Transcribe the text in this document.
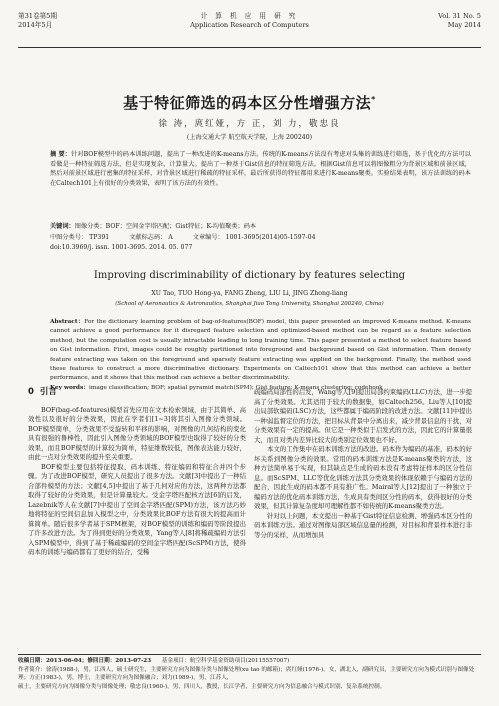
第31卷第5期
2014年5月
计 算 机 应 用 研 究
Application Research of Computers
Vol. 31 No. 5
May 2014
基于特征筛选的码本区分性增强方法*
徐 涛，庹红娅，方 正，刘 力，敬忠良
(上海交通大学 航空航天学院，上海 200240)
摘 要：针对BOF模型中的码本训练问题，提出了一种改进的K-means方法。传统的K-means方法没有考虑对头集的训练进行筛选，基于优化的方法可以看做是一种特征筛选方法，但是实现复杂，计算量大。提出了一种基于Gist信息的特征筛选方法。根据Gist信息可以将图像粗分为背景区域和前景区域，然后对前景区域进行密集的特征采样，对背景区域进行稀疏的特征采样，最后所获得的特征都用来进行K-means聚类。实验结果表明，该方法训练的码本在Caltech101上有很好的分类效果，表明了该方法的有效性。
关键词：图像分类；BOF；空间金字塔匹配；Gist特征；K-均值聚类；码本
中图分类号： TP391	文献标志码： A	文章编号： 1001-3695(2014)05-1597-04
doi:10.3969/j. issn. 1001-3695. 2014. 05. 077
Improving discriminability of dictionary by features selecting
XU Tao, TUO Hong-ya, FANG Zheng, LIU Li, JING Zhong-liang
(School of Aeronautics & Astronautics, Shanghai Jiao Tong University, Shanghai 200240, China)
Abstract：For the dictionary learning problem of bag-of-features(BOF) model, this paper presented an improved K-means method. K-means cannot achieve a good performance for it disregard feature selection and optimized-based method can be regard as a feature selection method, but the computation cost is usually intractable leading to long training time. This paper presented a method to select feature based on Gist information. First, images could be roughly partitioned into foreground and background based on Gist information. Then densely feature extracting was taken on the foreground and sparsely feature extracting was applied on the background. Finally, the method used these features to construct a more discriminative dictionary. Experiments on Caltech101 show that this method can achieve a better performance, and it shows that this method can achieve a better discriminability.
Key words：image classification; BOF; spatial pyramid match(SPM); Gist feature; K-means clustering; codebook
0 引言

BOF(bag-of-features)模型首先应用在文本检索领域，由于其简单、高效性以及很好的分类效果，因此在学者们[1~3]将其引入图像分类领域。BOF模型简单，分类效果不受旋转和平移的影响，对图像的几何结构的变化具有很强的鲁棒性，因此引入图像分类领域的BOF模型也取得了较好的分类效果，而且BOF模型的计算较为简单，特征维数较低，图像表达能力较好，由此一点对分类效果的提升至关重要。

BOF模型主要包括特征提取、码本训练、特征编码和特征合并四个步骤。为了改进BOF模型，研究人员提出了很多方法。文献[3]中提出了一种结合部件模型的方法；文献[4,5]中提出了基于几何对应的方法，这两种方法都取得了较好的分类效果，但是计算量较大。受金字塔匹配核方法[6]的启发，Lazebnik等人在文献[7]中提出了空间金字塔匹配(SPM)方法，该方法巧妙地将特征的空间信息加入模型之中，分类效果比BOF方法有很大的提高而计算简单。随后很多学者基于SPM框架，对BOF模型的训练和编码等阶段提出了许多改进方法。为了得到更好的分类效果，Yang等人[8]将稀疏编码方法引入SPM模型中，得到了基于稀疏编码的空间金字塔匹配(ScSPM)方法，使得码本的训练与编码都有了更好的结合，受稀

疏编码局部性的启发，Wang等人[9]提出局部约束编码(LLC)方法，进一步提高了分类效果。尤其适用于较大的数据集，如Caltech256。Liu等人[10]提出局部软编码(LSC)方法，这些都属于编码阶段的改进方法。文献[11]中提出一种弱监督定位的方法，把目标从背景中分离出来，减少背景信息的干扰，对分类效果有一定的提高。但它是一种类似于启发式的方法，因此它的计算量很大，而且对类内差异比较大的类别定位效果也不好。

本文的工作集中在码本训练方法的改进。码本作为编码的基准，码本的好坏关系到图像分类的效果。常用的码本训练方法是K-means聚类的方法，这种方法简单易于实现，但其缺点是生成的码本没有考虑特征样本的区分性信息。而ScSPM、LLC等优化训练方法其分类效果的体现依赖于与编码方法的配合，因此生成的码本都不具有推广性。Mairal等人[12]提出了一种独立于编码方法的优化码本训练方法，生成具有类间区分性的码本，获得很好的分类效果，但其计算复杂度却可理解性都不如传统的K-means聚类方法。

针对以上问题，本文提出一种基于Gist特征信息检测、增强码本区分性的码本训练方法。通过对图像局部区域信息量的检测，对目标和背景样本进行非等分的采样，从而增加具

收稿日期：2013-06-04；修回日期：2013-07-23 基金项目：航空科学基金资助项目(20115557007)
作者简介：徐涛(1988-)，男，江西人，硕士研究生，主要研究方向为图像分类与图像处理(xu tao 的邮箱)；庹红娅(1976-)，女，湖北人，副研究员，主要研究方向为模式识别与图像处理；方正(1983-)，男，博士，主要研究方向为图像融合；刘力(1989-)，男，江苏人，
硕士，主要研究方向为图像分类与图像处理；敬忠良(1960-)，男，四川人，教授，长江学者，主要研究方向为信息融合与模式识别、复杂系统控制。
